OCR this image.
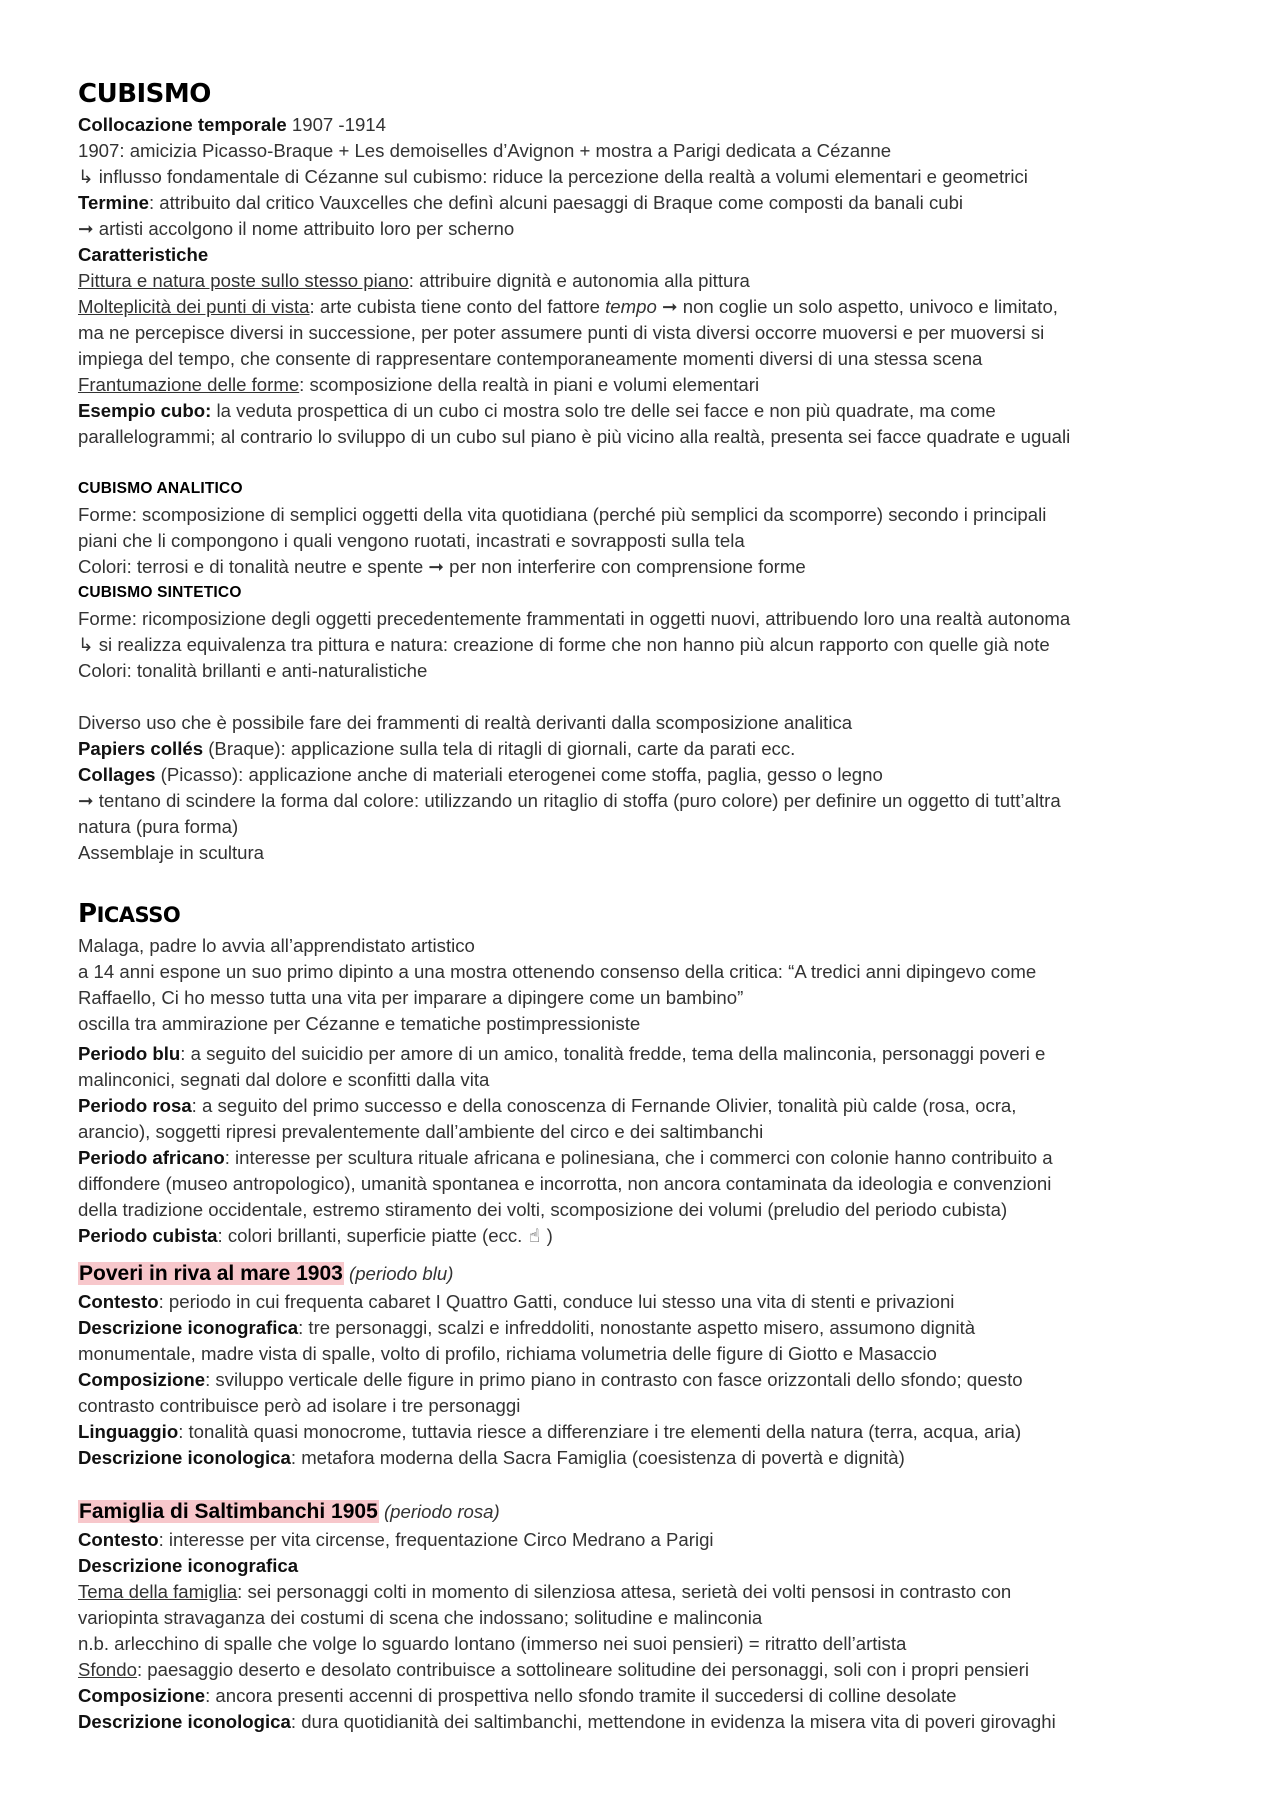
CUBISMO
Collocazione temporale 1907 -1914
1907: amicizia Picasso-Braque + Les demoiselles d’Avignon + mostra a Parigi dedicata a Cézanne
↳ influsso fondamentale di Cézanne sul cubismo: riduce la percezione della realtà a volumi elementari e geometrici
Termine: attribuito dal critico Vauxcelles che definì alcuni paesaggi di Braque come composti da banali cubi
➞ artisti accolgono il nome attribuito loro per scherno
Caratteristiche
Pittura e natura poste sullo stesso piano: attribuire dignità e autonomia alla pittura
Molteplicità dei punti di vista: arte cubista tiene conto del fattore tempo ➞ non coglie un solo aspetto, univoco e limitato,
ma ne percepisce diversi in successione, per poter assumere punti di vista diversi occorre muoversi e per muoversi si
impiega del tempo, che consente di rappresentare contemporaneamente momenti diversi di una stessa scena
Frantumazione delle forme: scomposizione della realtà in piani e volumi elementari
Esempio cubo: la veduta prospettica di un cubo ci mostra solo tre delle sei facce e non più quadrate, ma come
parallelogrammi; al contrario lo sviluppo di un cubo sul piano è più vicino alla realtà, presenta sei facce quadrate e uguali
CUBISMO ANALITICO
Forme: scomposizione di semplici oggetti della vita quotidiana (perché più semplici da scomporre) secondo i principali
piani che li compongono i quali vengono ruotati, incastrati e sovrapposti sulla tela
Colori: terrosi e di tonalità neutre e spente ➞ per non interferire con comprensione forme
CUBISMO SINTETICO
Forme: ricomposizione degli oggetti precedentemente frammentati in oggetti nuovi, attribuendo loro una realtà autonoma
↳ si realizza equivalenza tra pittura e natura: creazione di forme che non hanno più alcun rapporto con quelle già note
Colori: tonalità brillanti e anti-naturalistiche
Diverso uso che è possibile fare dei frammenti di realtà derivanti dalla scomposizione analitica
Papiers collés (Braque): applicazione sulla tela di ritagli di giornali, carte da parati ecc.
Collages (Picasso): applicazione anche di materiali eterogenei come stoffa, paglia, gesso o legno
➞ tentano di scindere la forma dal colore: utilizzando un ritaglio di stoffa (puro colore) per definire un oggetto di tutt’altra
natura (pura forma)
Assemblaje in scultura
PICASSO
Malaga, padre lo avvia all’apprendistato artistico
a 14 anni espone un suo primo dipinto a una mostra ottenendo consenso della critica: “A tredici anni dipingevo come
Raffaello, Ci ho messo tutta una vita per imparare a dipingere come un bambino”
oscilla tra ammirazione per Cézanne e tematiche postimpressioniste
Periodo blu: a seguito del suicidio per amore di un amico, tonalità fredde, tema della malinconia, personaggi poveri e
malinconici, segnati dal dolore e sconfitti dalla vita
Periodo rosa: a seguito del primo successo e della conoscenza di Fernande Olivier, tonalità più calde (rosa, ocra,
arancio), soggetti ripresi prevalentemente dall’ambiente del circo e dei saltimbanchi
Periodo africano: interesse per scultura rituale africana e polinesiana, che i commerci con colonie hanno contribuito a
diffondere (museo antropologico), umanità spontanea e incorrotta, non ancora contaminata da ideologia e convenzioni
della tradizione occidentale, estremo stiramento dei volti, scomposizione dei volumi (preludio del periodo cubista)
Periodo cubista: colori brillanti, superficie piatte (ecc. ☝ )
Poveri in riva al mare 1903 (periodo blu)
Contesto: periodo in cui frequenta cabaret I Quattro Gatti, conduce lui stesso una vita di stenti e privazioni
Descrizione iconografica: tre personaggi, scalzi e infreddoliti, nonostante aspetto misero, assumono dignità
monumentale, madre vista di spalle, volto di profilo, richiama volumetria delle figure di Giotto e Masaccio
Composizione: sviluppo verticale delle figure in primo piano in contrasto con fasce orizzontali dello sfondo; questo
contrasto contribuisce però ad isolare i tre personaggi
Linguaggio: tonalità quasi monocrome, tuttavia riesce a differenziare i tre elementi della natura (terra, acqua, aria)
Descrizione iconologica: metafora moderna della Sacra Famiglia (coesistenza di povertà e dignità)
Famiglia di Saltimbanchi 1905 (periodo rosa)
Contesto: interesse per vita circense, frequentazione Circo Medrano a Parigi
Descrizione iconografica
Tema della famiglia: sei personaggi colti in momento di silenziosa attesa, serietà dei volti pensosi in contrasto con
variopinta stravaganza dei costumi di scena che indossano; solitudine e malinconia
n.b. arlecchino di spalle che volge lo sguardo lontano (immerso nei suoi pensieri) = ritratto dell’artista
Sfondo: paesaggio deserto e desolato contribuisce a sottolineare solitudine dei personaggi, soli con i propri pensieri
Composizione: ancora presenti accenni di prospettiva nello sfondo tramite il succedersi di colline desolate
Descrizione iconologica: dura quotidianità dei saltimbanchi, mettendone in evidenza la misera vita di poveri girovaghi
